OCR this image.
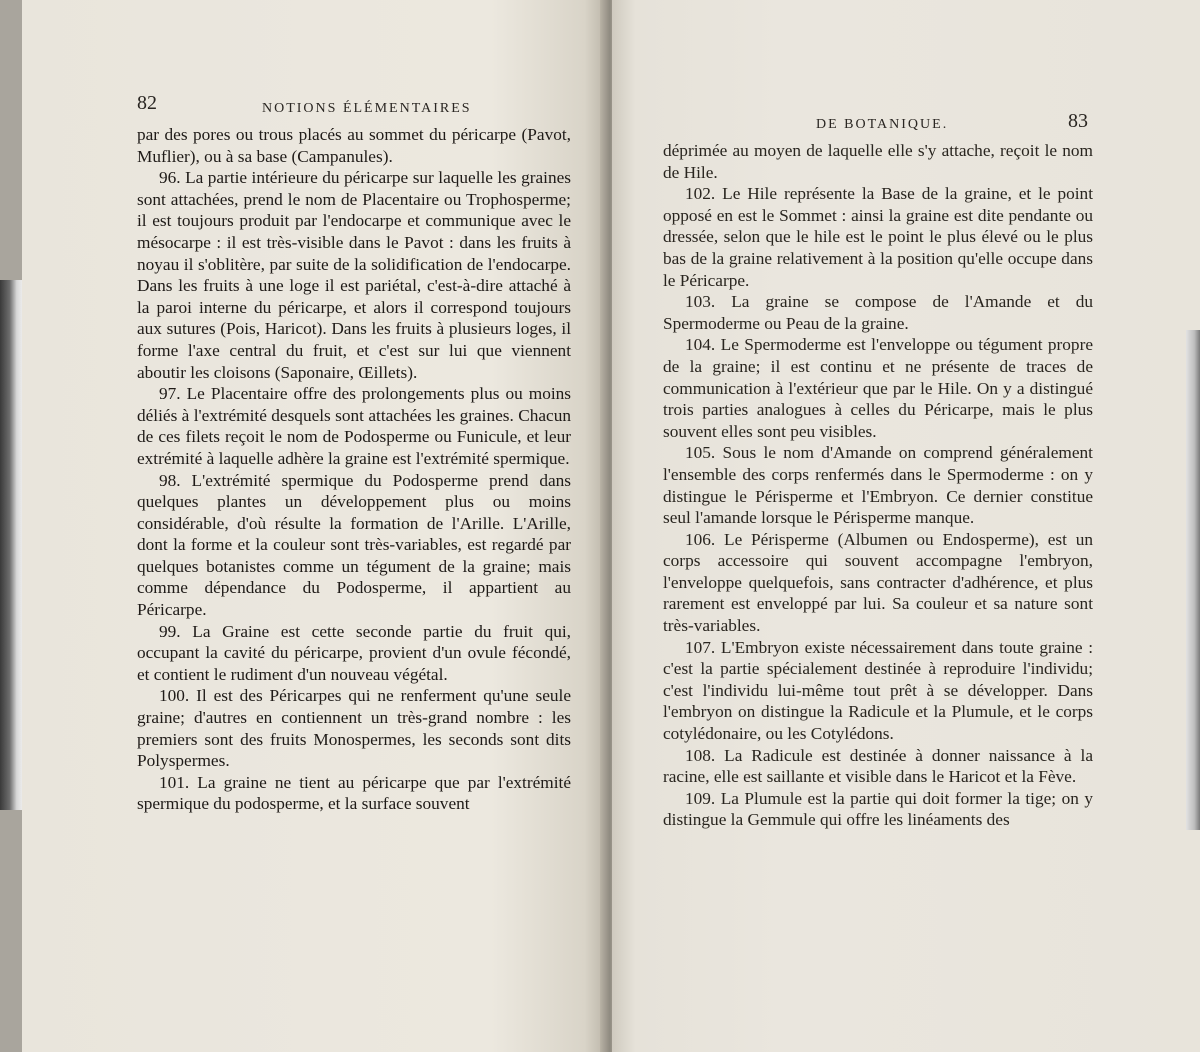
82	NOTIONS ÉLÉMENTAIRES

par des pores ou trous placés au sommet du péricarpe (Pavot, Muflier), ou à sa base (Campanules).

96. La partie intérieure du péricarpe sur laquelle les graines sont attachées, prend le nom de Placentaire ou Trophosperme; il est toujours produit par l'endocarpe et communique avec le mésocarpe : il est très-visible dans le Pavot : dans les fruits à noyau il s'oblitère, par suite de la solidification de l'endocarpe. Dans les fruits à une loge il est pariétal, c'est-à-dire attaché à la paroi interne du péricarpe, et alors il correspond toujours aux sutures (Pois, Haricot). Dans les fruits à plusieurs loges, il forme l'axe central du fruit, et c'est sur lui que viennent aboutir les cloisons (Saponaire, Œillets).

97. Le Placentaire offre des prolongements plus ou moins déliés à l'extrémité desquels sont attachées les graines. Chacun de ces filets reçoit le nom de Podosperme ou Funicule, et leur extrémité à laquelle adhère la graine est l'extrémité spermique.

98. L'extrémité spermique du Podosperme prend dans quelques plantes un développement plus ou moins considérable, d'où résulte la formation de l'Arille. L'Arille, dont la forme et la couleur sont très-variables, est regardé par quelques botanistes comme un tégument de la graine; mais comme dépendance du Podosperme, il appartient au Péricarpe.

99. La Graine est cette seconde partie du fruit qui, occupant la cavité du péricarpe, provient d'un ovule fécondé, et contient le rudiment d'un nouveau végétal.

100. Il est des Péricarpes qui ne renferment qu'une seule graine; d'autres en contiennent un très-grand nombre : les premiers sont des fruits Monospermes, les seconds sont dits Polyspermes.

101. La graine ne tient au péricarpe que par l'extrémité spermique du podosperme, et la surface souvent

DE BOTANIQUE.	83

déprimée au moyen de laquelle elle s'y attache, reçoit le nom de Hile.

102. Le Hile représente la Base de la graine, et le point opposé en est le Sommet : ainsi la graine est dite pendante ou dressée, selon que le hile est le point le plus élevé ou le plus bas de la graine relativement à la position qu'elle occupe dans le Péricarpe.

103. La graine se compose de l'Amande et du Spermoderme ou Peau de la graine.

104. Le Spermoderme est l'enveloppe ou tégument propre de la graine; il est continu et ne présente de traces de communication à l'extérieur que par le Hile. On y a distingué trois parties analogues à celles du Péricarpe, mais le plus souvent elles sont peu visibles.

105. Sous le nom d'Amande on comprend généralement l'ensemble des corps renfermés dans le Spermoderme : on y distingue le Périsperme et l'Embryon. Ce dernier constitue seul l'amande lorsque le Périsperme manque.

106. Le Périsperme (Albumen ou Endosperme), est un corps accessoire qui souvent accompagne l'embryon, l'enveloppe quelquefois, sans contracter d'adhérence, et plus rarement est enveloppé par lui. Sa couleur et sa nature sont très-variables.

107. L'Embryon existe nécessairement dans toute graine : c'est la partie spécialement destinée à reproduire l'individu; c'est l'individu lui-même tout prêt à se développer. Dans l'embryon on distingue la Radicule et la Plumule, et le corps cotylédonaire, ou les Cotylédons.

108. La Radicule est destinée à donner naissance à la racine, elle est saillante et visible dans le Haricot et la Fève.

109. La Plumule est la partie qui doit former la tige; on y distingue la Gemmule qui offre les linéaments des
